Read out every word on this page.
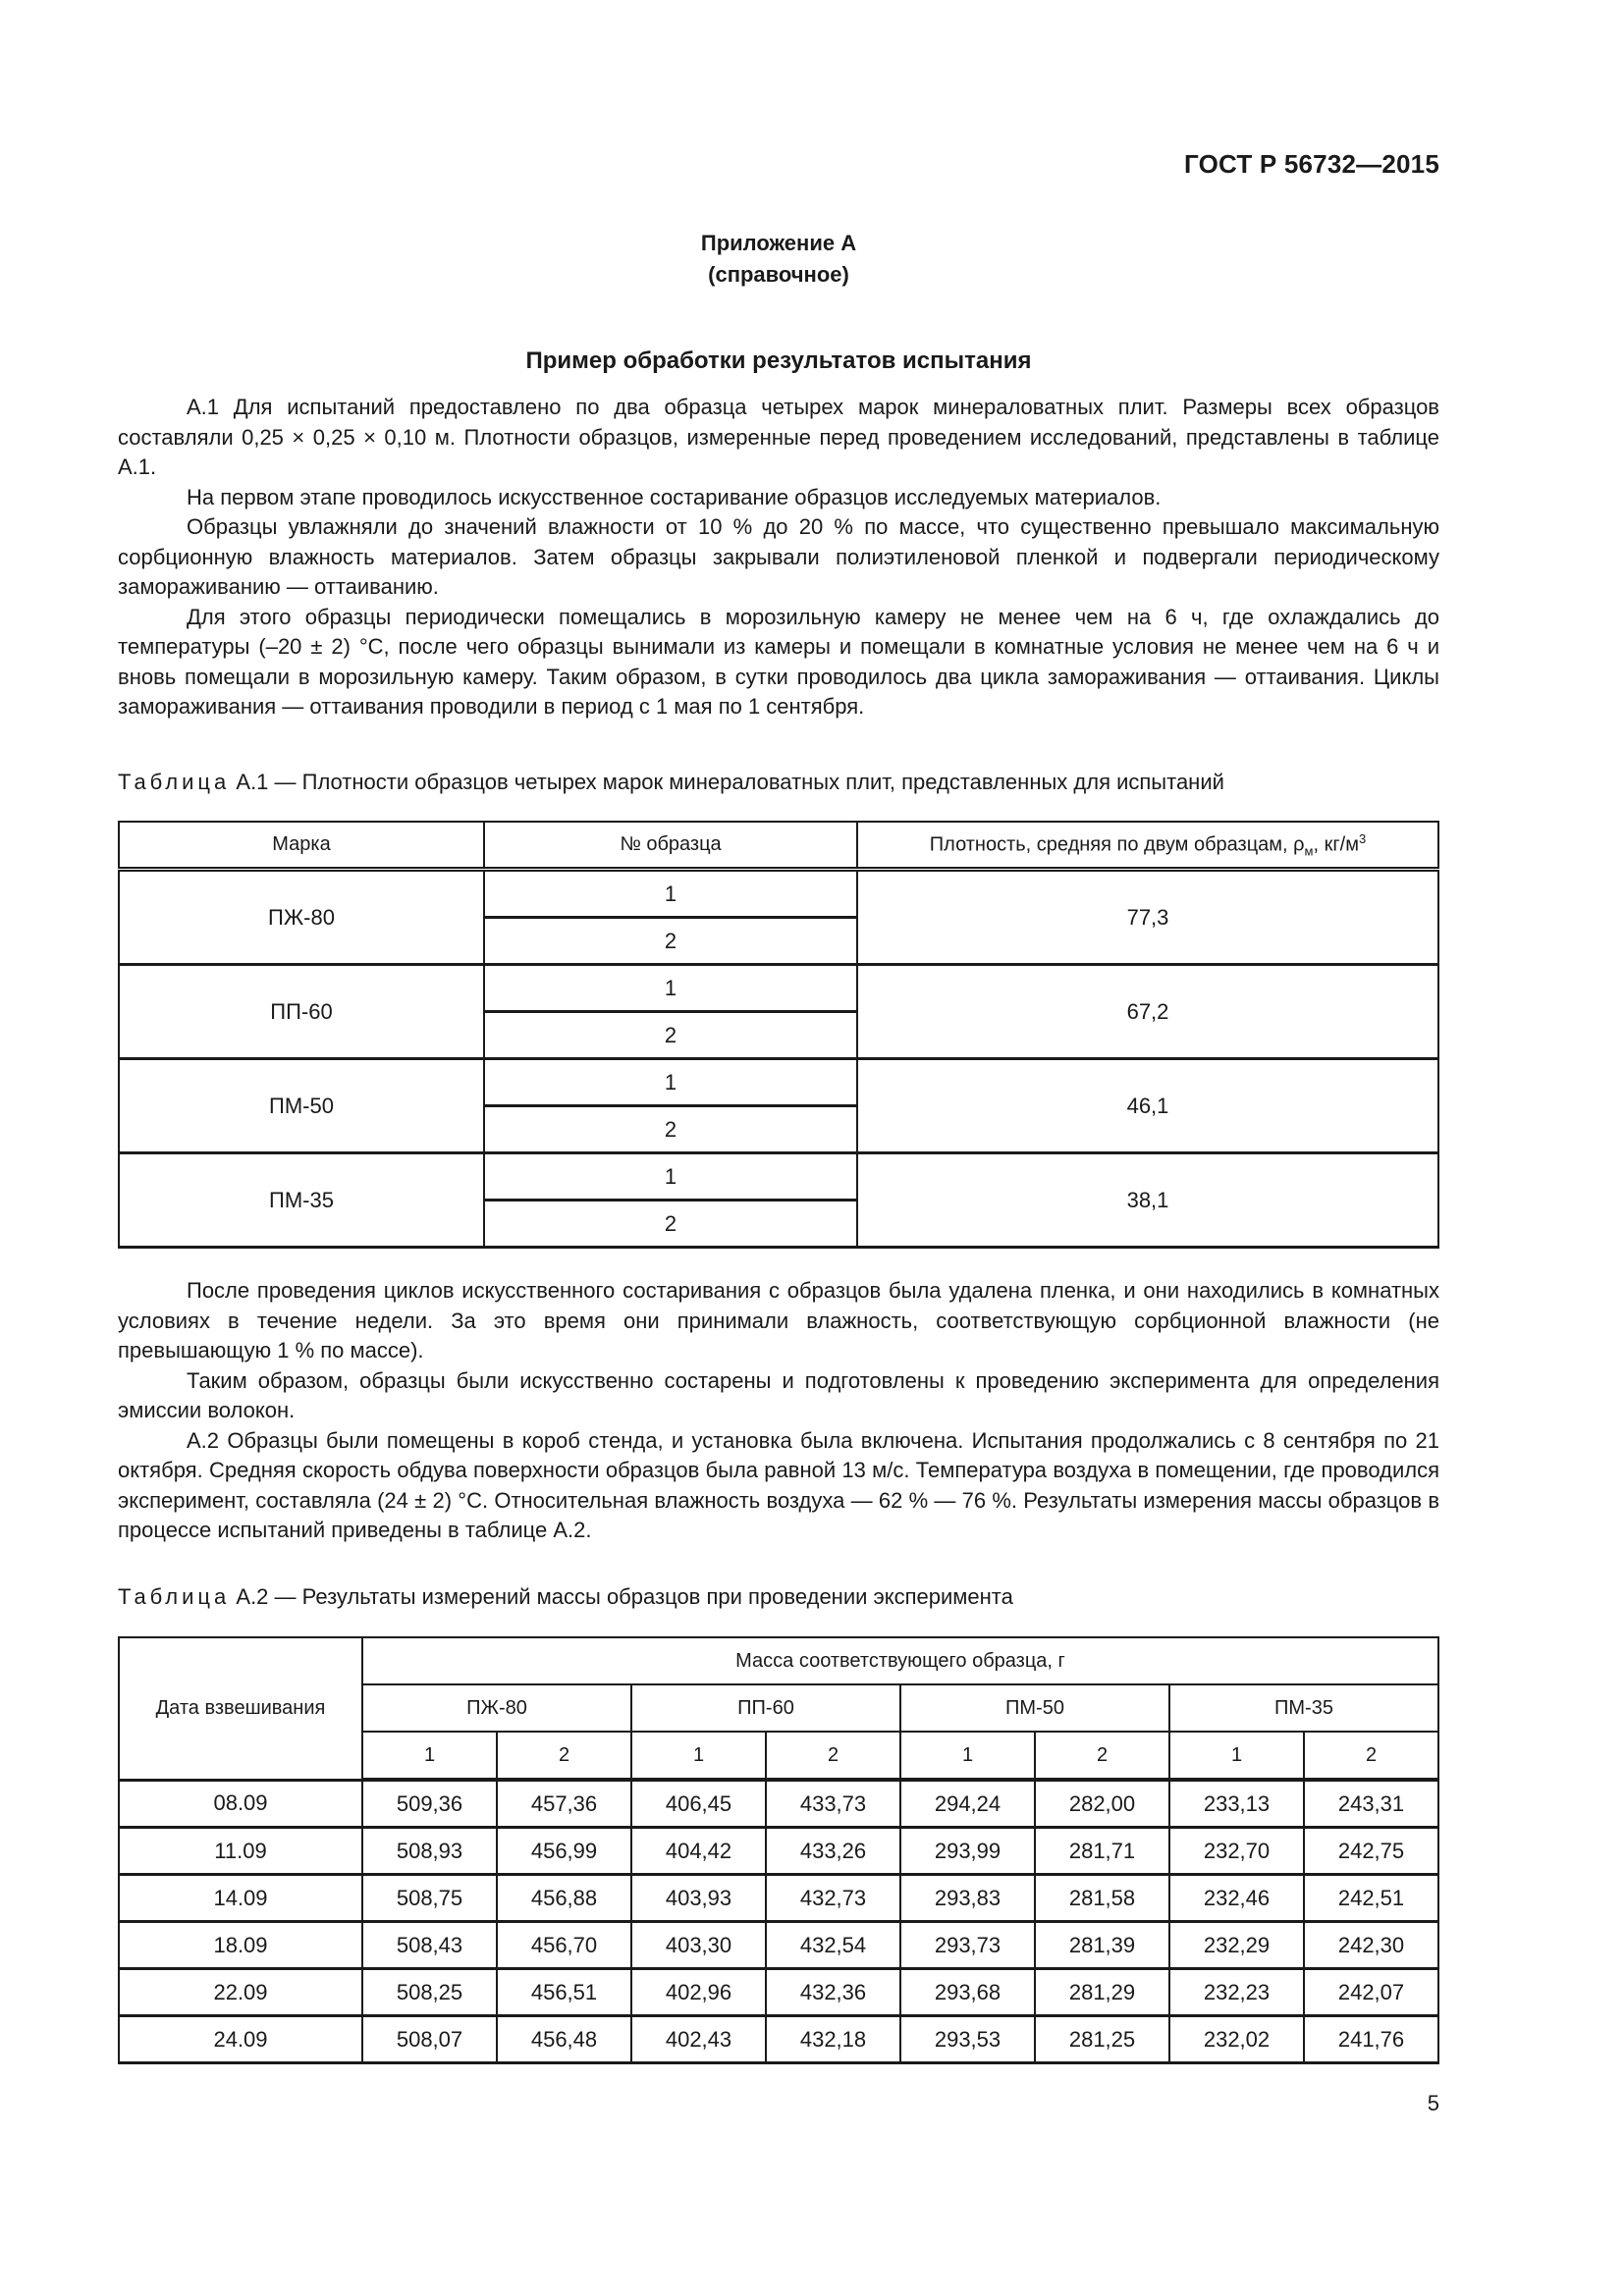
ГОСТ Р 56732—2015
Приложение А
(справочное)
Пример обработки результатов испытания

А.1 Для испытаний предоставлено по два образца четырех марок минераловатных плит. Размеры всех образцов составляли 0,25 × 0,25 × 0,10 м. Плотности образцов, измеренные перед проведением исследований, представлены в таблице А.1.

На первом этапе проводилось искусственное состаривание образцов исследуемых материалов.

Образцы увлажняли до значений влажности от 10 % до 20 % по массе, что существенно превышало максимальную сорбционную влажность материалов. Затем образцы закрывали полиэтиленовой пленкой и подвергали периодическому замораживанию — оттаиванию.

Для этого образцы периодически помещались в морозильную камеру не менее чем на 6 ч, где охлаждались до температуры (–20 ± 2) °С, после чего образцы вынимали из камеры и помещали в комнатные условия не менее чем на 6 ч и вновь помещали в морозильную камеру. Таким образом, в сутки проводилось два цикла замораживания — оттаивания. Циклы замораживания — оттаивания проводили в период с 1 мая по 1 сентября.

Таблица А.1 — Плотности образцов четырех марок минераловатных плит, представленных для испытаний
Марка	№ образца	Плотность, средняя по двум образцам, $\rho_м$, $кг/м^3$
ПЖ-80	1	77,3
	2	
ПП-60	1	67,2
	2	
ПМ-50	1	46,1
	2	
ПМ-35	1	38,1
	2	

После проведения циклов искусственного состаривания с образцов была удалена пленка, и они находились в комнатных условиях в течение недели. За это время они принимали влажность, соответствующую сорбционной влажности (не превышающую 1 % по массе).

Таким образом, образцы были искусственно состарены и подготовлены к проведению эксперимента для определения эмиссии волокон.

А.2 Образцы были помещены в короб стенда, и установка была включена. Испытания продолжались с 8 сентября по 21 октября. Средняя скорость обдува поверхности образцов была равной 13 м/с. Температура воздуха в помещении, где проводился эксперимент, составляла (24 ± 2) °С. Относительная влажность воздуха — 62 % — 76 %. Результаты измерения массы образцов в процессе испытаний приведены в таблице А.2.

Таблица А.2 — Результаты измерений массы образцов при проведении эксперимента
Дата взвешивания	Масса соответствующего образца, г							
	ПЖ-80		ПП-60		ПМ-50		ПМ-35	
	1	2	1	2	1	2	1	2
08.09	509,36	457,36	406,45	433,73	294,24	282,00	233,13	243,31
11.09	508,93	456,99	404,42	433,26	293,99	281,71	232,70	242,75
14.09	508,75	456,88	403,93	432,73	293,83	281,58	232,46	242,51
18.09	508,43	456,70	403,30	432,54	293,73	281,39	232,29	242,30
22.09	508,25	456,51	402,96	432,36	293,68	281,29	232,23	242,07
24.09	508,07	456,48	402,43	432,18	293,53	281,25	232,02	241,76
5
